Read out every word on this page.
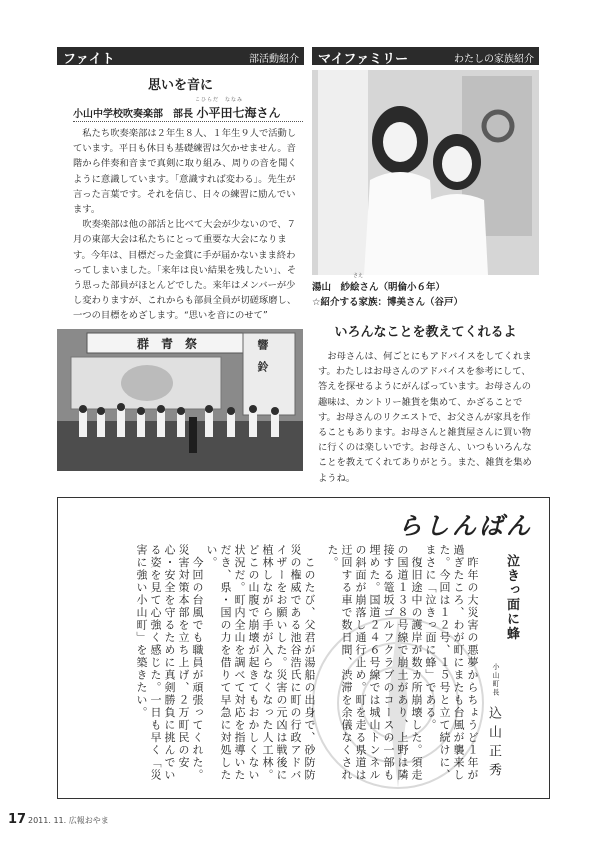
ファイト	部活動紹介
思いを音に
こひらだ　ななみ
小山中学校吹奏楽部　部長 小平田七海さん

私たち吹奏楽部は２年生８人、１年生９人で活動しています。平日も休日も基礎練習は欠かせません。音階から伴奏和音まで真剣に取り組み、周りの音を聞くように意識しています。「意識すれば変わる」。先生が言った言葉です。それを信じ、日々の練習に励んでいます。

吹奏楽部は他の部活と比べて大会が少ないので、７月の東部大会は私たちにとって重要な大会になります。今年は、目標だった金賞に手が届かないまま終わってしまいました。「来年は良い結果を残したい」、そう思った部員がほとんどでした。来年はメンバーが少し変わりますが、これからも部員全員が切磋琢磨し、一つの目標をめざします。“思いを音にのせて”

群　青　祭	響　鈴
マイファミリー	わたしの家族紹介
湯山　紗絵さん（明倫小６年）
さえ
☆紹介する家族：博美さん（谷戸）
いろんなことを教えてくれるよ

お母さんは、何ごとにもアドバイスをしてくれます。わたしはお母さんのアドバイスを参考にして、答えを探せるようにがんばっています。お母さんの趣味は、カントリー雑貨を集めて、かざることです。お母さんのリクエストで、お父さんが家具を作ることもあります。お母さんと雑貨屋さんに買い物に行くのは楽しいです。お母さん、いつもいろんなことを教えてくれてありがとう。また、雑貨を集めようね。

らしんばん
泣きっ面に蜂
小山町長
込山正秀
　昨年の大災害の悪夢からちょうど１年が過ぎたころ、わが町にまたも台風が襲来した。今回は１２号、１５号と立て続けに、まさに「泣きっ面に蜂」である。
　復旧途中の護岸が数カ所崩壊した。須走の国道１３８号線で崩土があり、上野は隣接する篭坂ゴルフクラブのコースの一部も埋めた。国道２４６号線では城山トンネルの斜面が崩落し通行止め。町を走る県道は迂回する車で数日間、渋滞を余儀なくされた。
　このたび、父君が湯船の出身で、砂防防災の権威である池谷浩氏に町の行政アドバイザーをお願いした。災害の元凶は戦後に植林しながら手が入らなくなった人工林。どこの山腹で崩壊が起きてもおかしくない状況だ。町内全山を調べて対応を指導いただき、県・国の力を借りて早急に対処したい。
　今回の台風でも職員が頑張ってくれた。災害対策本部を立ち上げ、２万町民の安心・安全を守るために真剣勝負に挑んでいる姿を見て心強く感じた。一日も早く「災害に強い小山町」を築きたい。
17 2011. 11. 広報おやま
